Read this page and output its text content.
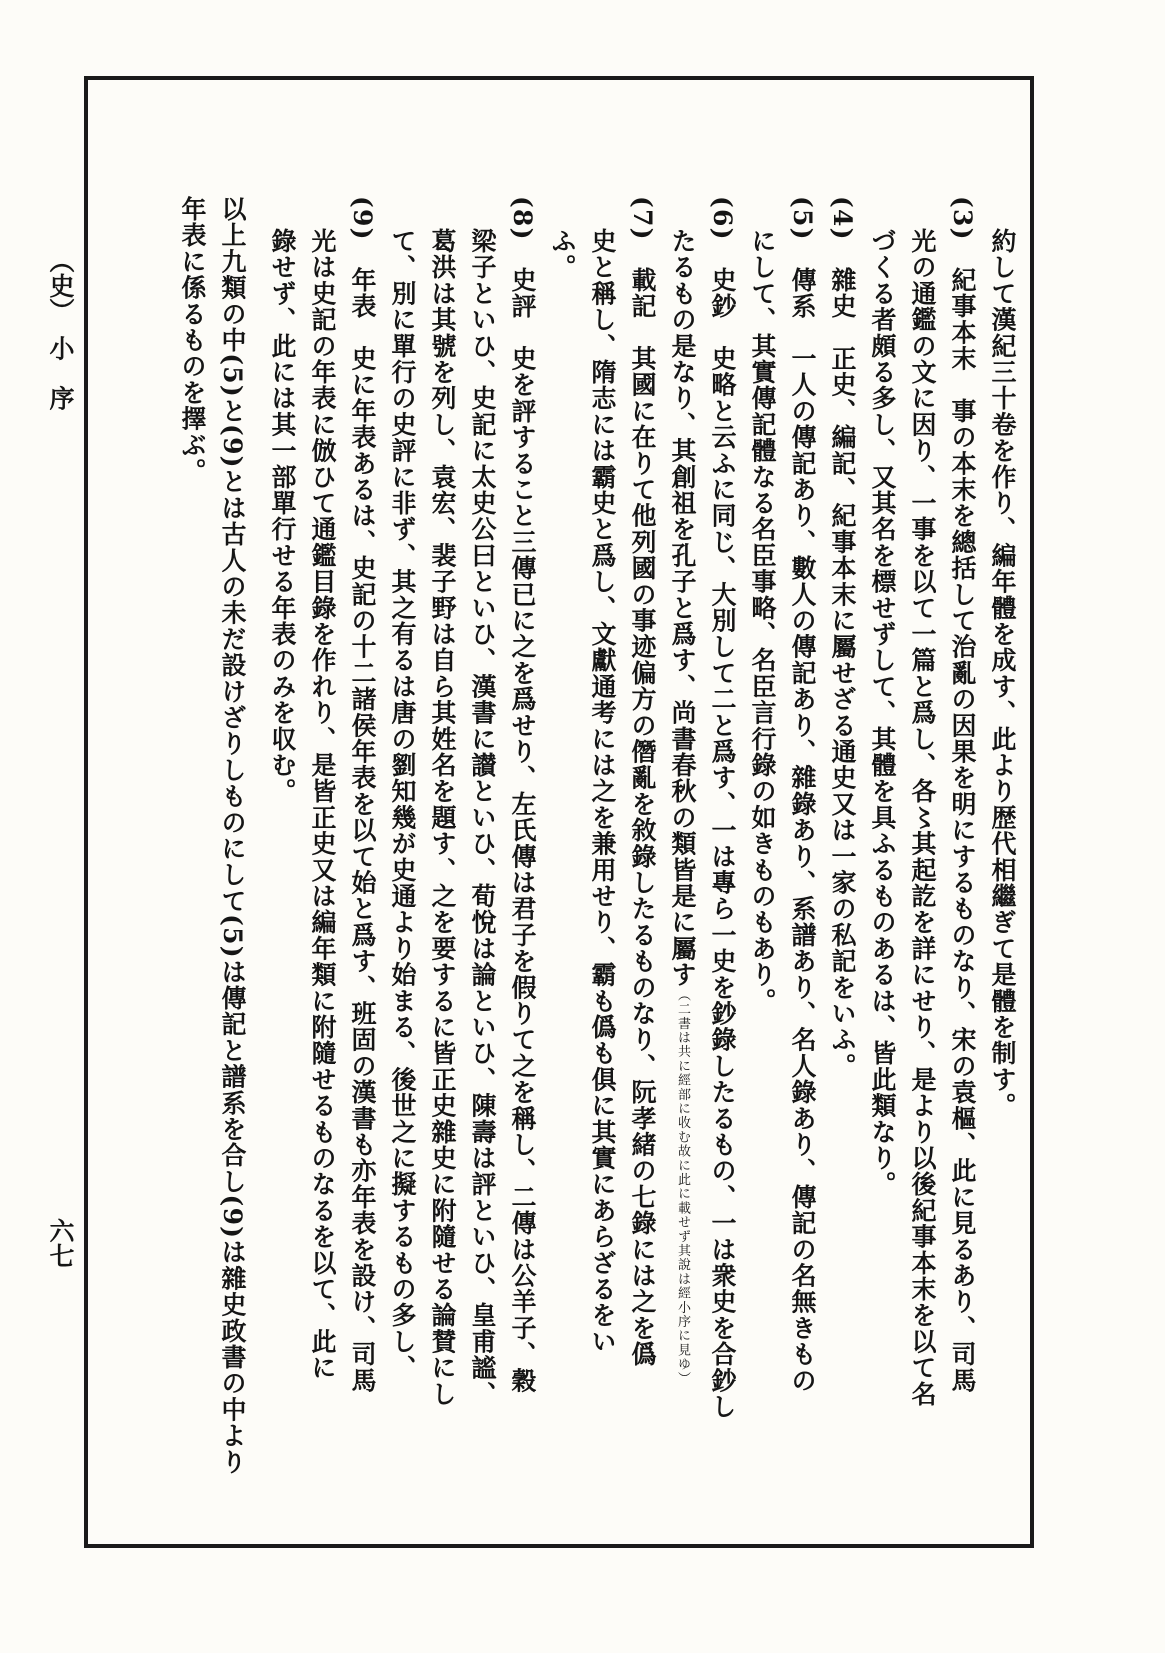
約して漢紀三十卷を作り、編年體を成す、此より歴代相繼ぎて是體を制す。
(3)　紀事本末　事の本末を總括して治亂の因果を明にするものなり、宋の袁樞、此に見るあり、司馬
光の通鑑の文に因り、一事を以て一篇と爲し、各〻其起訖を詳にせり、是より以後紀事本末を以て名
づくる者頗る多し、又其名を標せずして、其體を具ふるものあるは、皆此類なり。
(4)　雜史　正史、編記、紀事本末に屬せざる通史又は一家の私記をいふ。
(5)　傳系　一人の傳記あり、數人の傳記あり、雜錄あり、系譜あり、名人錄あり、傳記の名無きもの
にして、其實傳記體なる名臣事略、名臣言行錄の如きものもあり。
(6)　史鈔　史略と云ふに同じ、大別して二と爲す、一は專ら一史を鈔錄したるもの、一は衆史を合鈔し
たるもの是なり、其創祖を孔子と爲す、尚書春秋の類皆是に屬す（二書は共に經部に收む故に此に載せず其說は經小序に見ゆ）
(7)　載記　其國に在りて他列國の事迹偏方の僭亂を敘錄したるものなり、阮孝緒の七錄には之を僞
史と稱し、隋志には霸史と爲し、文獻通考には之を兼用せり、霸も僞も俱に其實にあらざるをい
ふ。
(8)　史評　史を評すること三傳已に之を爲せり、左氏傳は君子を假りて之を稱し、二傳は公羊子、穀
梁子といひ、史記に太史公曰といひ、漢書に讃といひ、荀悅は論といひ、陳壽は評といひ、皇甫謐、
葛洪は其號を列し、袁宏、裴子野は自ら其姓名を題す、之を要するに皆正史雜史に附隨せる論賛にし
て、別に單行の史評に非ず、其之有るは唐の劉知幾が史通より始まる、後世之に擬するもの多し、
(9)　年表　史に年表あるは、史記の十二諸侯年表を以て始と爲す、班固の漢書も亦年表を設け、司馬
光は史記の年表に倣ひて通鑑目錄を作れり、是皆正史又は編年類に附隨せるものなるを以て、此に
錄せず、此には其一部單行せる年表のみを収む。
以上九類の中(5)と(9)とは古人の未だ設けざりしものにして(5)は傳記と譜系を合し(9)は雜史政書の中より
年表に係るものを擇ぶ。
（史）　小　序
六七
